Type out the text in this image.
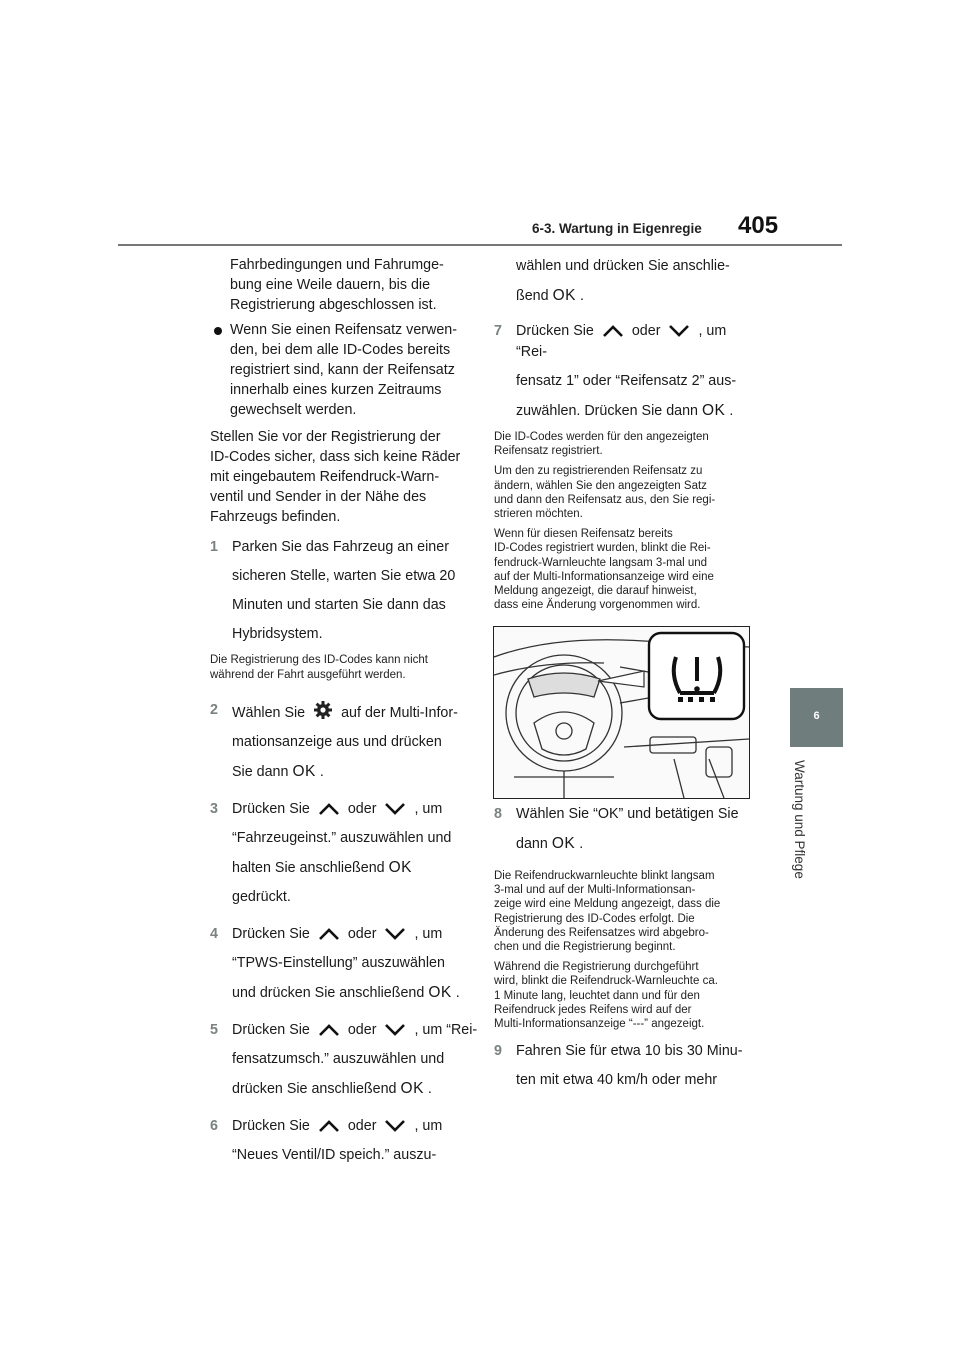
6-3. Wartung in Eigenregie 405
6
Wartung und Pflege

Fahrbedingungen und Fahrumge-
bung eine Weile dauern, bis die
Registrierung abgeschlossen ist.

Wenn Sie einen Reifensatz verwen-
den, bei dem alle ID-Codes bereits
registriert sind, kann der Reifensatz
innerhalb eines kurzen Zeitraums
gewechselt werden.

Stellen Sie vor der Registrierung der
ID-Codes sicher, dass sich keine Räder
mit eingebautem Reifendruck-Warn-
ventil und Sender in der Nähe des
Fahrzeugs befinden.

1 Parken Sie das Fahrzeug an einer
sicheren Stelle, warten Sie etwa 20
Minuten und starten Sie dann das
Hybridsystem.

Die Registrierung des ID-Codes kann nicht
während der Fahrt ausgeführt werden.

2 Wählen Sie	auf der Multi-Infor-
mationsanzeige aus und drücken
Sie dann OK .

3 Drücken Sie	oder	, um
“Fahrzeugeinst.” auszuwählen und
halten Sie anschließend OK
gedrückt.

4 Drücken Sie	oder	, um
“TPWS-Einstellung” auszuwählen
und drücken Sie anschließend OK .

5 Drücken Sie	oder	, um “Rei-
fensatzumsch.” auszuwählen und
drücken Sie anschließend OK .

6 Drücken Sie	oder	, um
“Neues Ventil/ID speich.” auszu-

wählen und drücken Sie anschlie-
ßend OK .

7 Drücken Sie	oder	, um “Rei-
fensatz 1” oder “Reifensatz 2” aus-
zuwählen. Drücken Sie dann OK .

Die ID-Codes werden für den angezeigten
Reifensatz registriert.

Um den zu registrierenden Reifensatz zu
ändern, wählen Sie den angezeigten Satz
und dann den Reifensatz aus, den Sie regi-
strieren möchten.

Wenn für diesen Reifensatz bereits
ID-Codes registriert wurden, blinkt die Rei-
fendruck-Warnleuchte langsam 3-mal und
auf der Multi-Informationsanzeige wird eine
Meldung angezeigt, die darauf hinweist,
dass eine Änderung vorgenommen wird.

8 Wählen Sie “OK” und betätigen Sie
dann OK .

Die Reifendruckwarnleuchte blinkt langsam
3-mal und auf der Multi-Informationsan-
zeige wird eine Meldung angezeigt, dass die
Registrierung des ID-Codes erfolgt. Die
Änderung des Reifensatzes wird abgebro-
chen und die Registrierung beginnt.

Während die Registrierung durchgeführt
wird, blinkt die Reifendruck-Warnleuchte ca.
1 Minute lang, leuchtet dann und für den
Reifendruck jedes Reifens wird auf der
Multi-Informationsanzeige “---” angezeigt.

9 Fahren Sie für etwa 10 bis 30 Minu-
ten mit etwa 40 km/h oder mehr
